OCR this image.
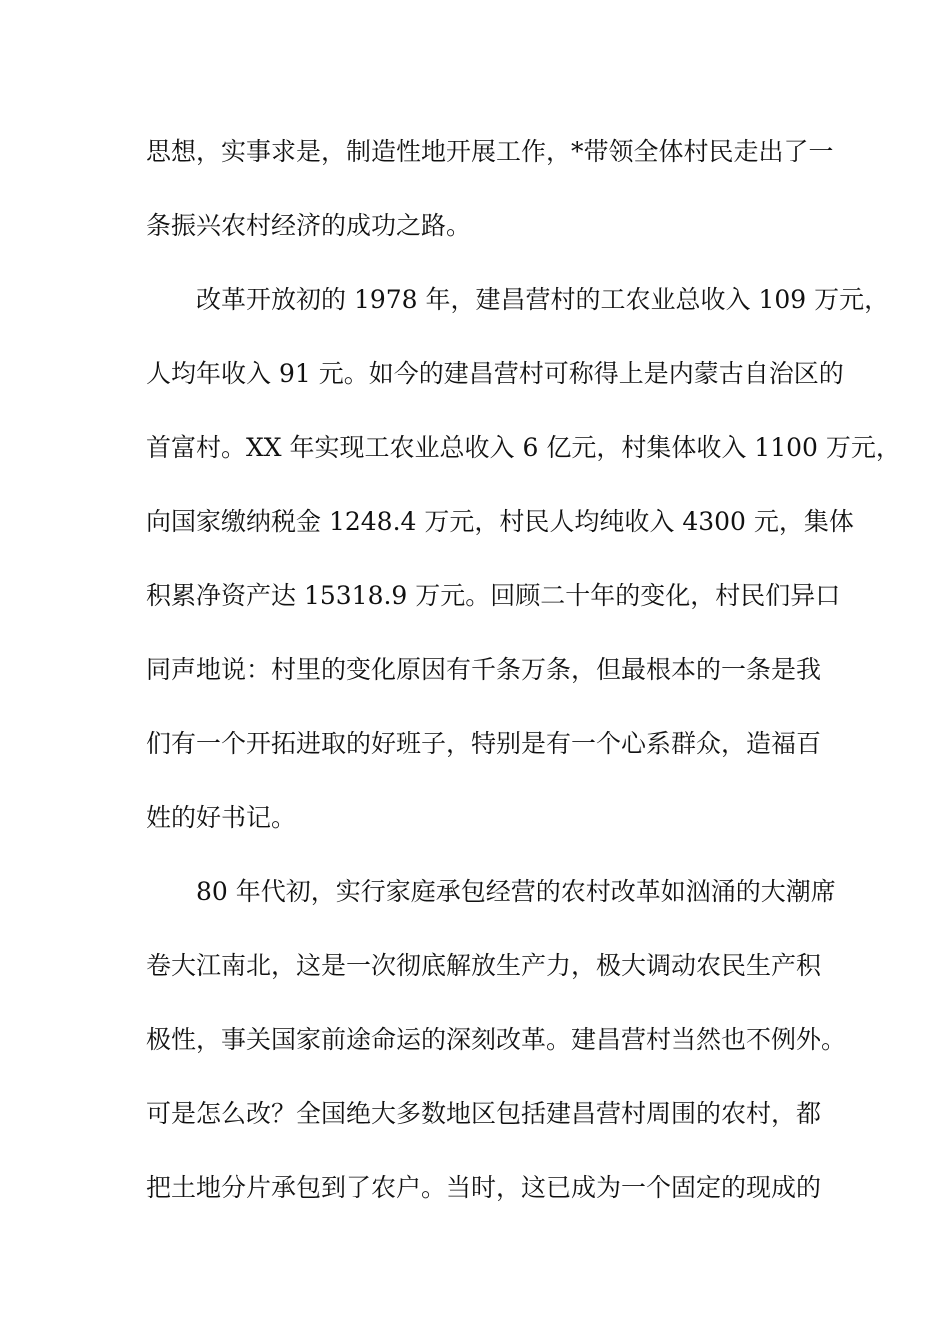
思想，实事求是，制造性地开展工作，*带领全体村民走出了一
条振兴农村经济的成功之路。
改革开放初的 1978 年，建昌营村的工农业总收入 109 万元，
人均年收入 91 元。如今的建昌营村可称得上是内蒙古自治区的
首富村。XX 年实现工农业总收入 6 亿元，村集体收入 1100 万元，
向国家缴纳税金 1248.4 万元，村民人均纯收入 4300 元，集体
积累净资产达 15318.9 万元。回顾二十年的变化，村民们异口
同声地说：村里的变化原因有千条万条，但最根本的一条是我
们有一个开拓进取的好班子，特别是有一个心系群众，造福百
姓的好书记。
80 年代初，实行家庭承包经营的农村改革如汹涌的大潮席
卷大江南北，这是一次彻底解放生产力，极大调动农民生产积
极性，事关国家前途命运的深刻改革。建昌营村当然也不例外。
可是怎么改？全国绝大多数地区包括建昌营村周围的农村，都
把土地分片承包到了农户。当时，这已成为一个固定的现成的
